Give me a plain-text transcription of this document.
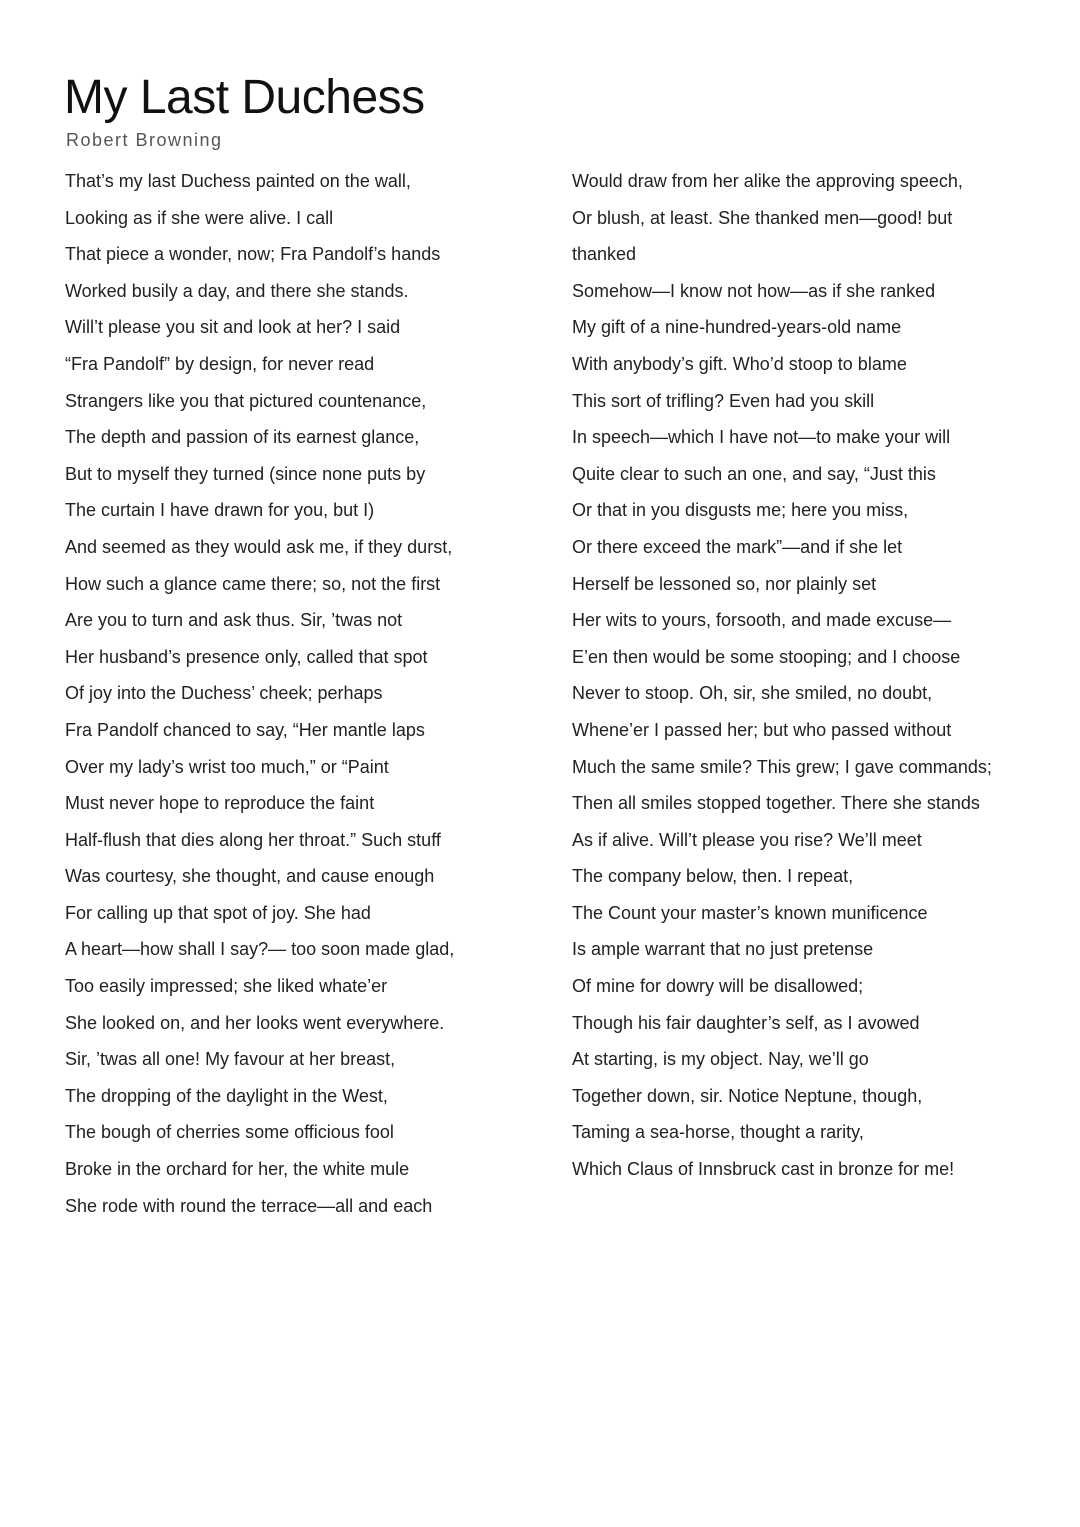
My Last Duchess

Robert Browning

That’s my last Duchess painted on the wall,
Looking as if she were alive. I call
That piece a wonder, now; Fra Pandolf’s hands
Worked busily a day, and there she stands.
Will’t please you sit and look at her? I said
“Fra Pandolf” by design, for never read
Strangers like you that pictured countenance,
The depth and passion of its earnest glance,
But to myself they turned (since none puts by
The curtain I have drawn for you, but I)
And seemed as they would ask me, if they durst,
How such a glance came there; so, not the first
Are you to turn and ask thus. Sir, ’twas not
Her husband’s presence only, called that spot
Of joy into the Duchess’ cheek; perhaps
Fra Pandolf chanced to say, “Her mantle laps
Over my lady’s wrist too much,” or “Paint
Must never hope to reproduce the faint
Half-flush that dies along her throat.” Such stuff
Was courtesy, she thought, and cause enough
For calling up that spot of joy. She had
A heart—how shall I say?— too soon made glad,
Too easily impressed; she liked whate’er
She looked on, and her looks went everywhere.
Sir, ’twas all one! My favour at her breast,
The dropping of the daylight in the West,
The bough of cherries some officious fool
Broke in the orchard for her, the white mule
She rode with round the terrace—all and each
Would draw from her alike the approving speech,
Or blush, at least. She thanked men—good! but
thanked
Somehow—I know not how—as if she ranked
My gift of a nine-hundred-years-old name
With anybody’s gift. Who’d stoop to blame
This sort of trifling? Even had you skill
In speech—which I have not—to make your will
Quite clear to such an one, and say, “Just this
Or that in you disgusts me; here you miss,
Or there exceed the mark”—and if she let
Herself be lessoned so, nor plainly set
Her wits to yours, forsooth, and made excuse—
E’en then would be some stooping; and I choose
Never to stoop. Oh, sir, she smiled, no doubt,
Whene’er I passed her; but who passed without
Much the same smile? This grew; I gave commands;
Then all smiles stopped together. There she stands
As if alive. Will’t please you rise? We’ll meet
The company below, then. I repeat,
The Count your master’s known munificence
Is ample warrant that no just pretense
Of mine for dowry will be disallowed;
Though his fair daughter’s self, as I avowed
At starting, is my object. Nay, we’ll go
Together down, sir. Notice Neptune, though,
Taming a sea-horse, thought a rarity,
Which Claus of Innsbruck cast in bronze for me!
